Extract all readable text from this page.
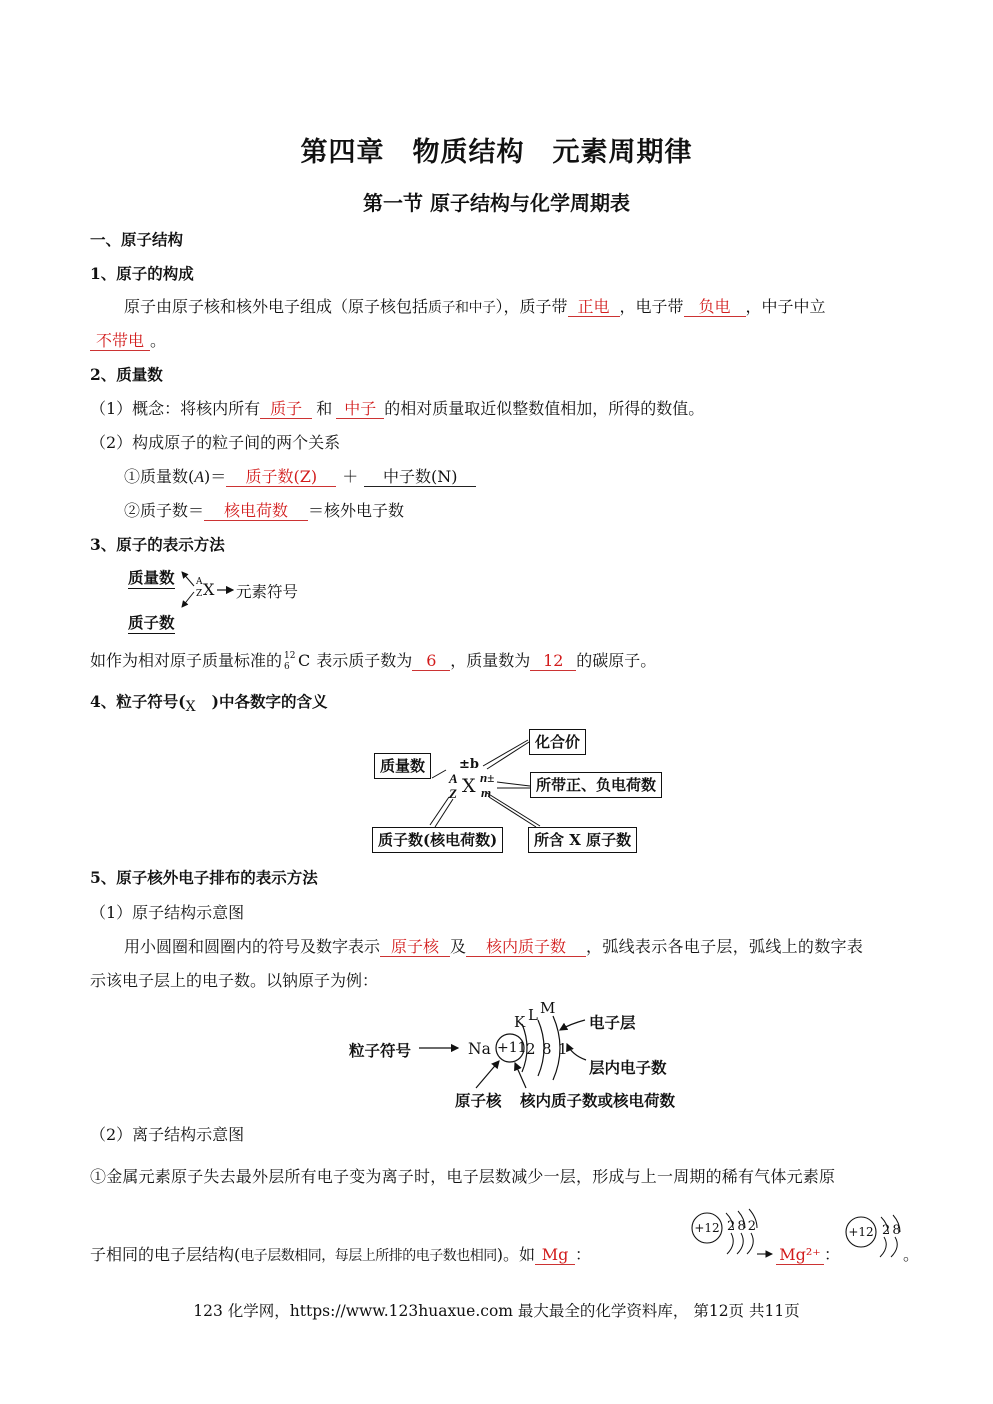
第四章　物质结构　元素周期律
第一节 原子结构与化学周期表
一、原子结构
1、原子的构成
原子由原子核和核外电子组成（原子核包括质子和中子），质子带 正电 ，电子带 负电 ，中子中立
不带电 。
2、质量数
（1）概念：将核内所有 质子 和 中子 的相对质量取近似整数值相加，所得的数值。
（2）构成原子的粒子间的两个关系
①质量数(A)＝ 质子数(Z) ＋ 中子数(N)
②质子数＝ 核电荷数 ＝核外电子数
3、原子的表示方法
质量数
质子数
A
Z X 元素符号
如作为相对原子质量标准的 12
6 C 表示质子数为 6 ，质量数为 12 的碳原子。
4、粒子符号( X )中各数字的含义
质量数
化合价
所带正、负电荷数
质子数(核电荷数)	所含 X 原子数
±b
A
Z X n±
m
5、原子核外电子排布的表示方法
（1）原子结构示意图
用小圆圈和圆圈内的符号及数字表示 原子核 及 核内质子数 ，弧线表示各电子层，弧线上的数字表
示该电子层上的电子数。以钠原子为例：
粒子符号	Na +11 2 8 1
K L M
电子层
层内电子数
原子核 核内质子数或核电荷数
（2）离子结构示意图
①金属元素原子失去最外层所有电子变为离子时，电子层数减少一层，形成与上一周期的稀有气体元素原
子相同的电子层结构(电子层数相同，每层上所排的电子数也相同)。如 Mg ：
+12 2 8 2
Mg²⁺ ：
+12 2 8
。
123 化学网，https://www.123huaxue.com 最大最全的化学资料库， 第12页 共11页
